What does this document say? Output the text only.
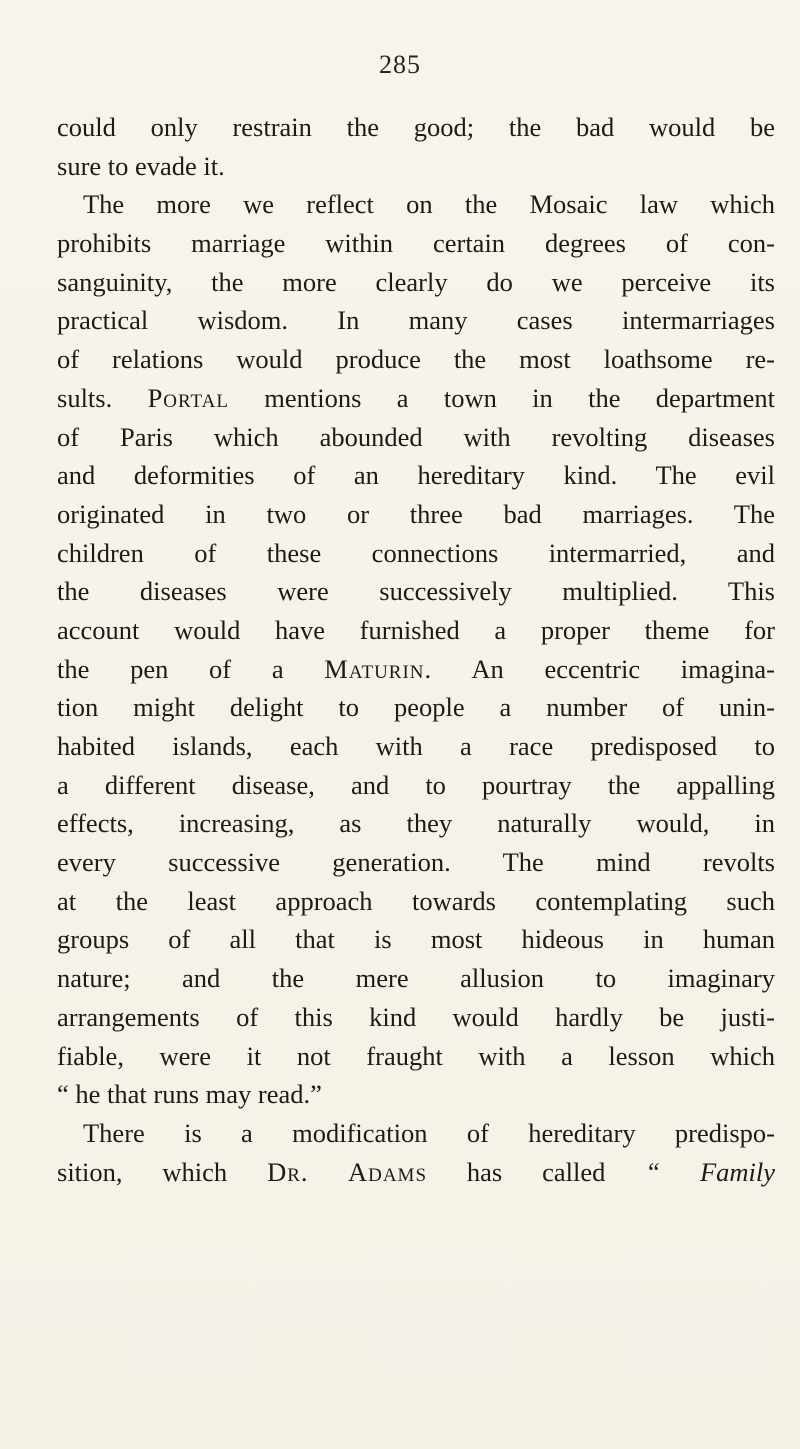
285
could only restrain the good; the bad would be
sure to evade it.
The more we reflect on the Mosaic law which
prohibits marriage within certain degrees of con-
sanguinity, the more clearly do we perceive its
practical wisdom. In many cases intermarriages
of relations would produce the most loathsome re-
sults. Portal mentions a town in the department
of Paris which abounded with revolting diseases
and deformities of an hereditary kind. The evil
originated in two or three bad marriages. The
children of these connections intermarried, and
the diseases were successively multiplied. This
account would have furnished a proper theme for
the pen of a Maturin. An eccentric imagina-
tion might delight to people a number of unin-
habited islands, each with a race predisposed to
a different disease, and to pourtray the appalling
effects, increasing, as they naturally would, in
every successive generation. The mind revolts
at the least approach towards contemplating such
groups of all that is most hideous in human
nature; and the mere allusion to imaginary
arrangements of this kind would hardly be justi-
fiable, were it not fraught with a lesson which
“ he that runs may read.”
There is a modification of hereditary predispo-
sition, which Dr. Adams has called “ Family
